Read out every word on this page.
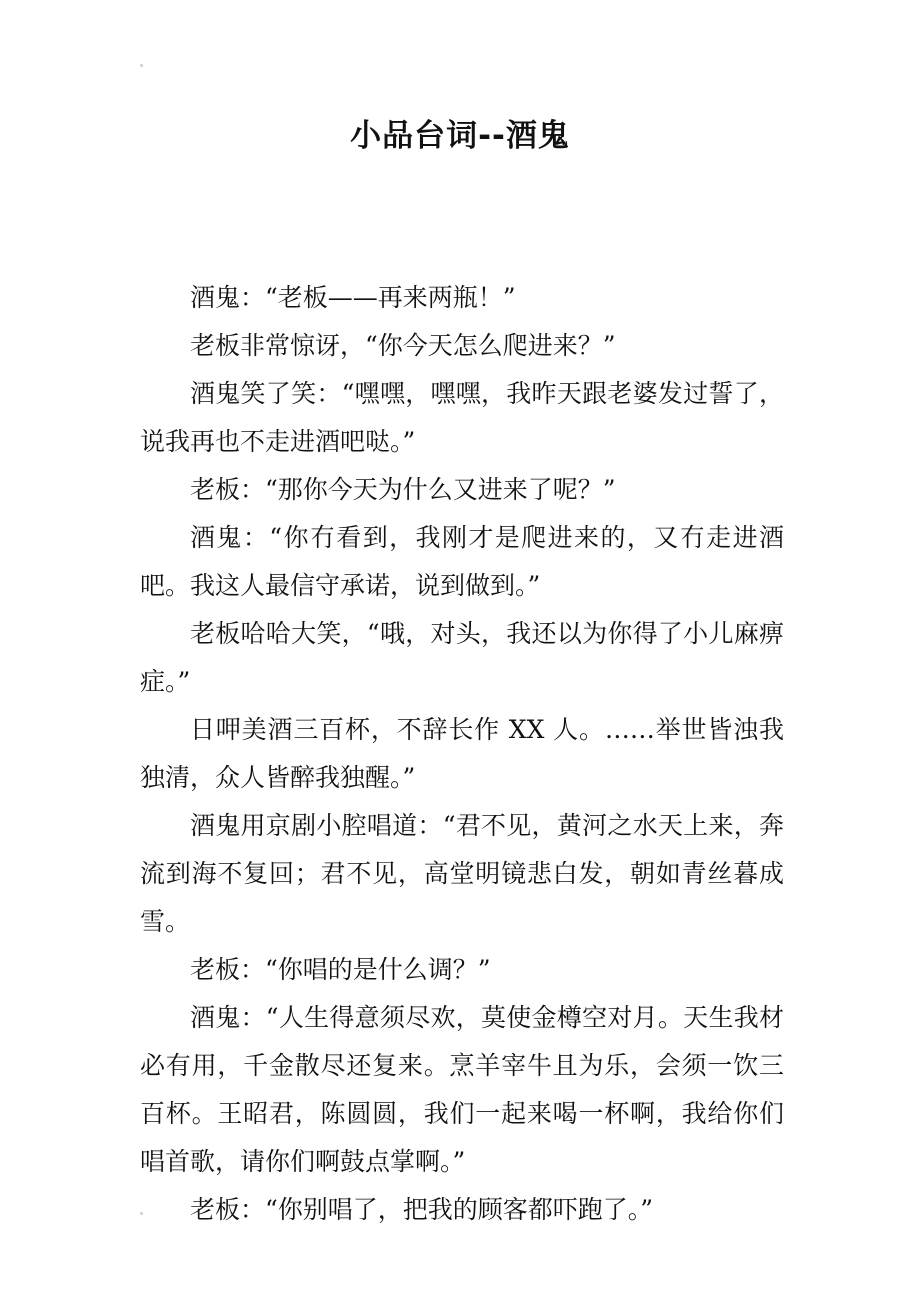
小品台词--酒鬼

酒鬼：“老板——再来两瓶！”

老板非常惊讶，“你今天怎么爬进来？”

酒鬼笑了笑：“嘿嘿，嘿嘿，我昨天跟老婆发过誓了，说我再也不走进酒吧哒。”

老板：“那你今天为什么又进来了呢？”

酒鬼：“你冇看到，我刚才是爬进来的，又冇走进酒吧。我这人最信守承诺，说到做到。”

老板哈哈大笑，“哦，对头，我还以为你得了小儿麻痹症。”

日呷美酒三百杯，不辞长作 XX 人。……举世皆浊我独清，众人皆醉我独醒。”

酒鬼用京剧小腔唱道：“君不见，黄河之水天上来，奔流到海不复回；君不见，高堂明镜悲白发，朝如青丝暮成雪。

老板：“你唱的是什么调？”

酒鬼：“人生得意须尽欢，莫使金樽空对月。天生我材必有用，千金散尽还复来。烹羊宰牛且为乐，会须一饮三百杯。王昭君，陈圆圆，我们一起来喝一杯啊，我给你们唱首歌，请你们啊鼓点掌啊。”

老板：“你别唱了，把我的顾客都吓跑了。”
